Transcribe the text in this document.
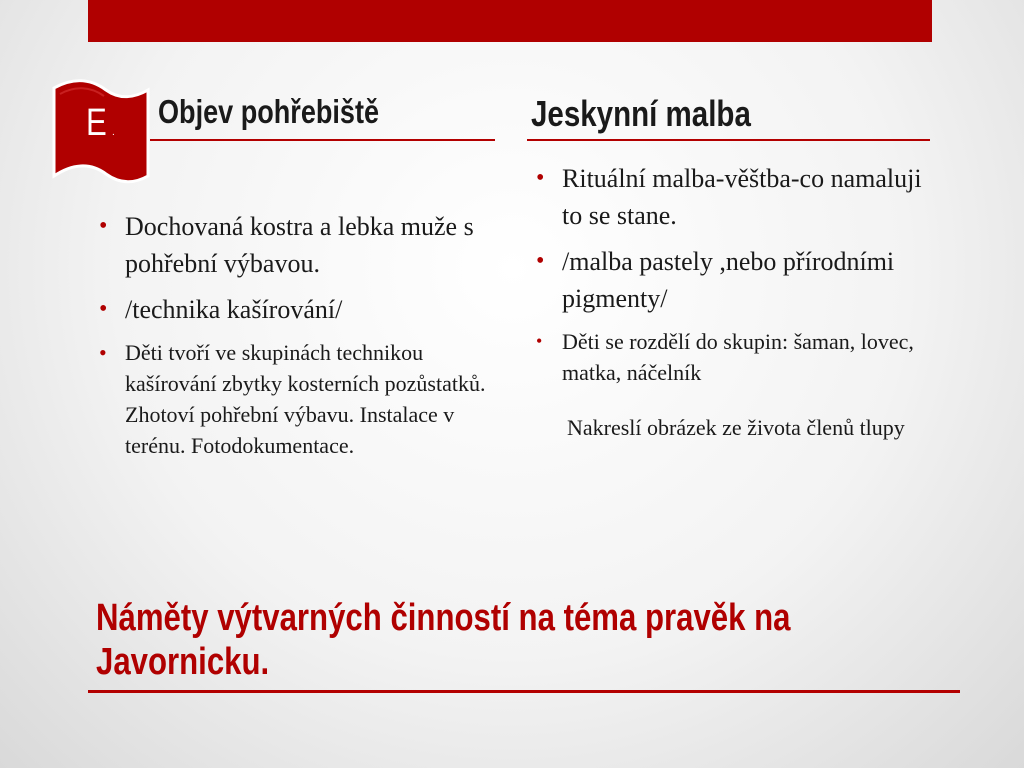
E .
Objev pohřebiště	Jeskynní malba
• Dochovaná kostra a lebka muže s pohřební výbavou.
• /technika kašírování/
• Děti tvoří ve skupinách technikou kašírování zbytky kosterních pozůstatků. Zhotoví pohřební výbavu. Instalace v terénu. Fotodokumentace.
• Rituální malba-věštba-co namaluji to se stane.
• /malba pastely ,nebo přírodními pigmenty/
• Děti se rozdělí do skupin: šaman, lovec, matka, náčelník
Nakreslí obrázek ze života členů tlupy
Náměty výtvarných činností na téma pravěk na Javornicku.
